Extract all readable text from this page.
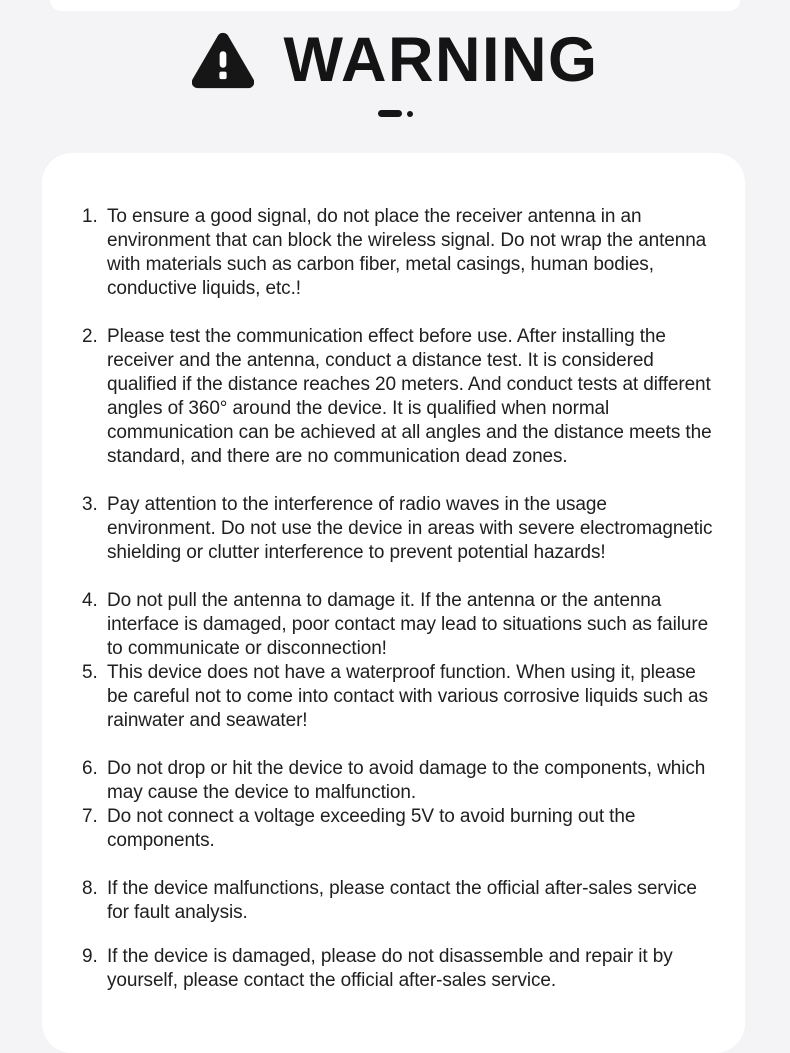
WARNING
1. To ensure a good signal, do not place the receiver antenna in an environment that can block the wireless signal. Do not wrap the antenna with materials such as carbon fiber, metal casings, human bodies, conductive liquids, etc.!
2. Please test the communication effect before use. After installing the receiver and the antenna, conduct a distance test. It is considered qualified if the distance reaches 20 meters. And conduct tests at different angles of 360° around the device. It is qualified when normal communication can be achieved at all angles and the distance meets the standard, and there are no communication dead zones.
3. Pay attention to the interference of radio waves in the usage environment. Do not use the device in areas with severe electromagnetic shielding or clutter interference to prevent potential hazards!
4. Do not pull the antenna to damage it. If the antenna or the antenna interface is damaged, poor contact may lead to situations such as failure to communicate or disconnection!
5. This device does not have a waterproof function. When using it, please be careful not to come into contact with various corrosive liquids such as rainwater and seawater!
6. Do not drop or hit the device to avoid damage to the components, which may cause the device to malfunction.
7. Do not connect a voltage exceeding 5V to avoid burning out the components.
8. If the device malfunctions, please contact the official after-sales service for fault analysis.
9. If the device is damaged, please do not disassemble and repair it by yourself, please contact the official after-sales service.
